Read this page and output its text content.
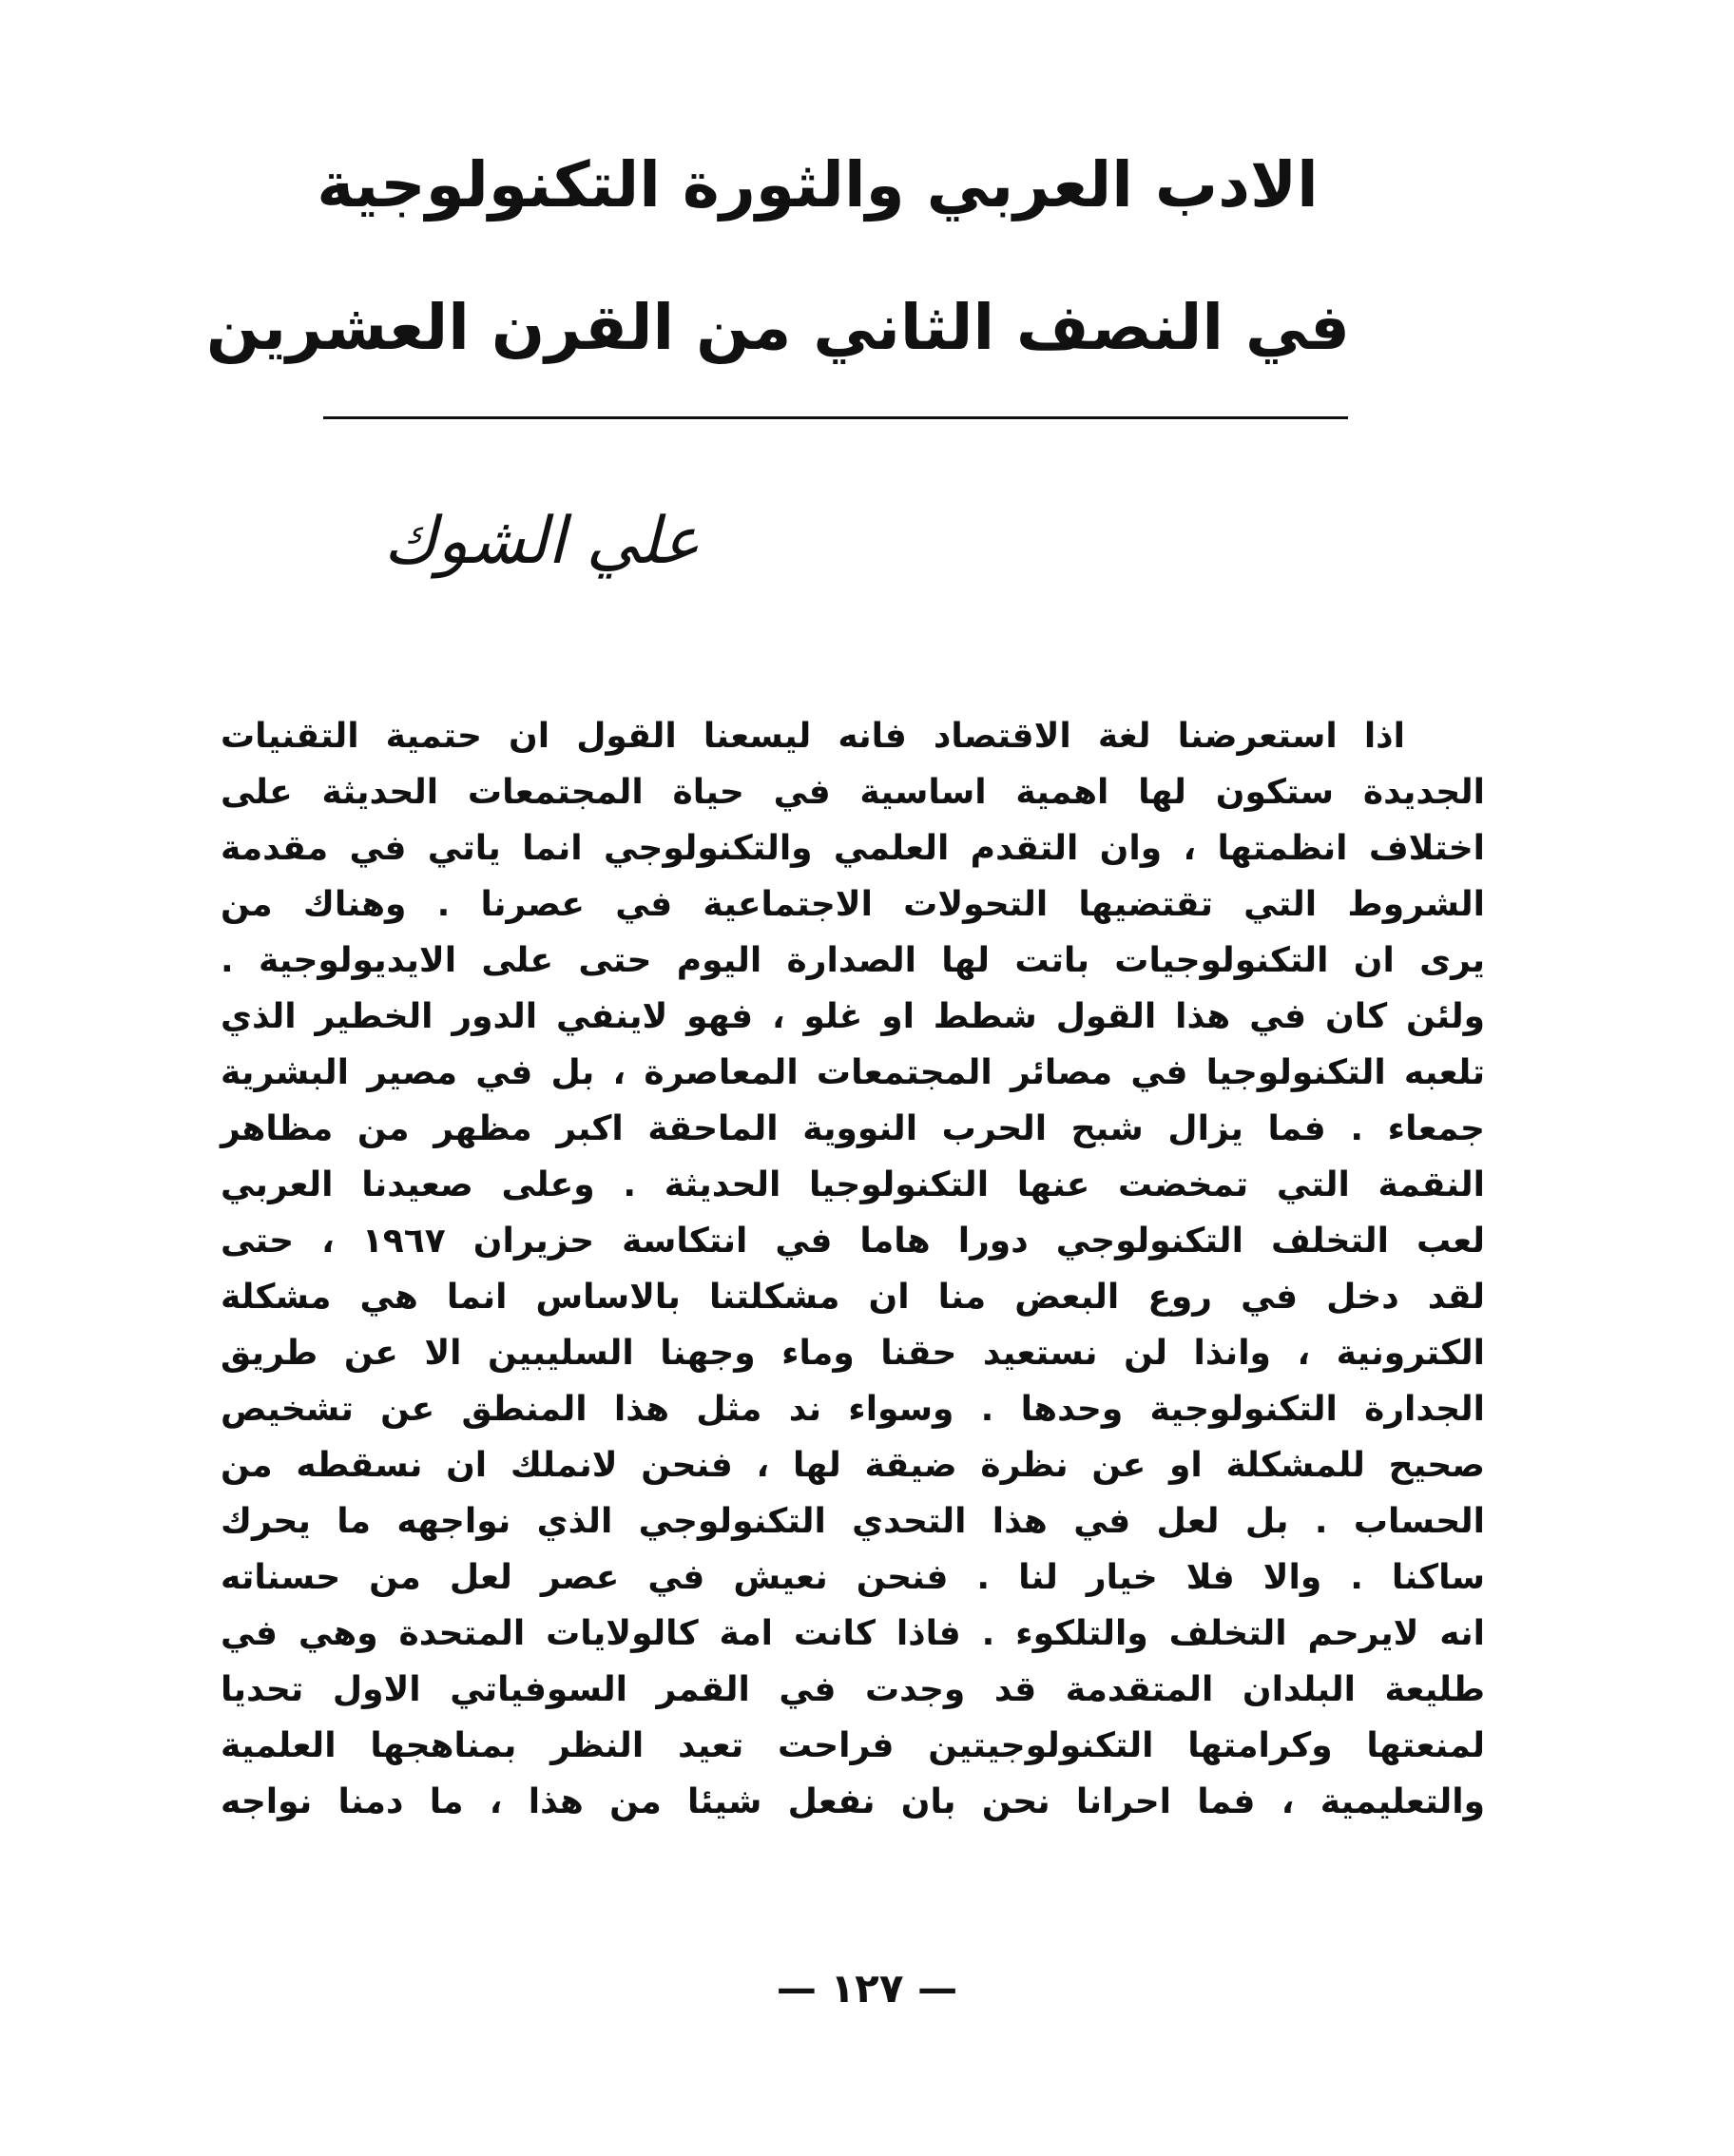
الادب العربي والثورة التكنولوجية
في النصف الثاني من القرن العشرين
علي الشوك
اذا استعرضنا لغة الاقتصاد فانه ليسعنا القول ان حتمية التقنيات
الجديدة ستكون لها اهمية اساسية في حياة المجتمعات الحديثة على
اختلاف انظمتها ، وان التقدم العلمي والتكنولوجي انما ياتي في مقدمة
الشروط التي تقتضيها التحولات الاجتماعية في عصرنا . وهناك من
يرى ان التكنولوجيات باتت لها الصدارة اليوم حتى على الايديولوجية .
ولئن كان في هذا القول شطط او غلو ، فهو لاينفي الدور الخطير الذي
تلعبه التكنولوجيا في مصائر المجتمعات المعاصرة ، بل في مصير البشرية
جمعاء . فما يزال شبح الحرب النووية الماحقة اكبر مظهر من مظاهر
النقمة التي تمخضت عنها التكنولوجيا الحديثة . وعلى صعيدنا العربي
لعب التخلف التكنولوجي دورا هاما في انتكاسة حزيران ١٩٦٧ ، حتى
لقد دخل في روع البعض منا ان مشكلتنا بالاساس انما هي مشكلة
الكترونية ، وانذا لن نستعيد حقنا وماء وجهنا السليبين الا عن طريق
الجدارة التكنولوجية وحدها . وسواء ند مثل هذا المنطق عن تشخيص
صحيح للمشكلة او عن نظرة ضيقة لها ، فنحن لانملك ان نسقطه من
الحساب . بل لعل في هذا التحدي التكنولوجي الذي نواجهه ما يحرك
ساكنا . والا فلا خيار لنا . فنحن نعيش في عصر لعل من حسناته
انه لايرحم التخلف والتلكوء . فاذا كانت امة كالولايات المتحدة وهي في
طليعة البلدان المتقدمة قد وجدت في القمر السوفياتي الاول تحديا
لمنعتها وكرامتها التكنولوجيتين فراحت تعيد النظر بمناهجها العلمية
والتعليمية ، فما احرانا نحن بان نفعل شيئا من هذا ، ما دمنا نواجه
— ١٢٧ —
